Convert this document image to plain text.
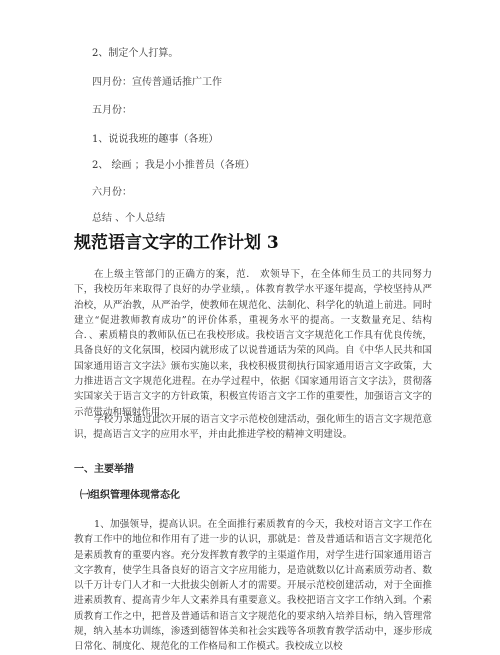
2、制定个人打算。
四月份：宣传普通话推广工作
五月份：
1、说说我班的趣事（各班）
2、 绘画 ；我是小小推普员（各班）
六月份：
总结 、个人总结
规范语言文字的工作计划 3

在上级主管部门的正确方的案，范． 欢领导下，在全体师生员工的共同努力下，我校历年来取得了良好的办学业绩，。体教育教学水平逐年提高，学校坚持从严治校，从严治教，从严治学，使教师在规范化、法制化、科学化的轨道上前进。同时建立“促进教师教育成功”的评价体系，重视务水平的提高。一支数量充足、结构合．、素质精良的教师队伍已在我校形成。我校语言文字规范化工作具有优良传统，具备良好的文化氛围，校园内就形成了以说普通话为荣的风尚。自《中华人民共和国国家通用语言文字法》颁布实施以来，我校积极贯彻执行国家通用语言文字政策，大力推进语言文字规范化进程。在办学过程中，依据《国家通用语言文字法》，贯彻落实国家关于语言文字的方针政策，积极宣传语言文字工作的重要性，加强语言文字的示范带动和辐射作用。

学校力求通过此次开展的语言文字示范校创建活动，强化师生的语言文字规范意识，提高语言文字的应用水平，并由此推进学校的精神文明建设。

一、主要举措
㈠组织管理体现常态化

1、加强领导，提高认识。在全面推行素质教育的今天，我校对语言文字工作在教育工作中的地位和作用有了进一步的认识，那就是：普及普通话和语言文字规范化是素质教育的重要内容。充分发挥教育教学的主渠道作用，对学生进行国家通用语言文字教育，使学生具备良好的语言文字应用能力，是造就数以亿计高素质劳动者、数以千万计专门人才和一大批拔尖创新人才的需要。开展示范校创建活动，对于全面推进素质教育、提高青少年人文素养具有重要意义。我校把语言文字工作纳入到。个素质教育工作之中，把普及普通话和语言文字规范化的要求纳入培养目标，纳入管理常规，纳入基本功训练，渗透到德智体美和社会实践等各项教育教学活动中，逐步形成日常化、制度化、规范化的工作格局和工作模式。我校成立以校
